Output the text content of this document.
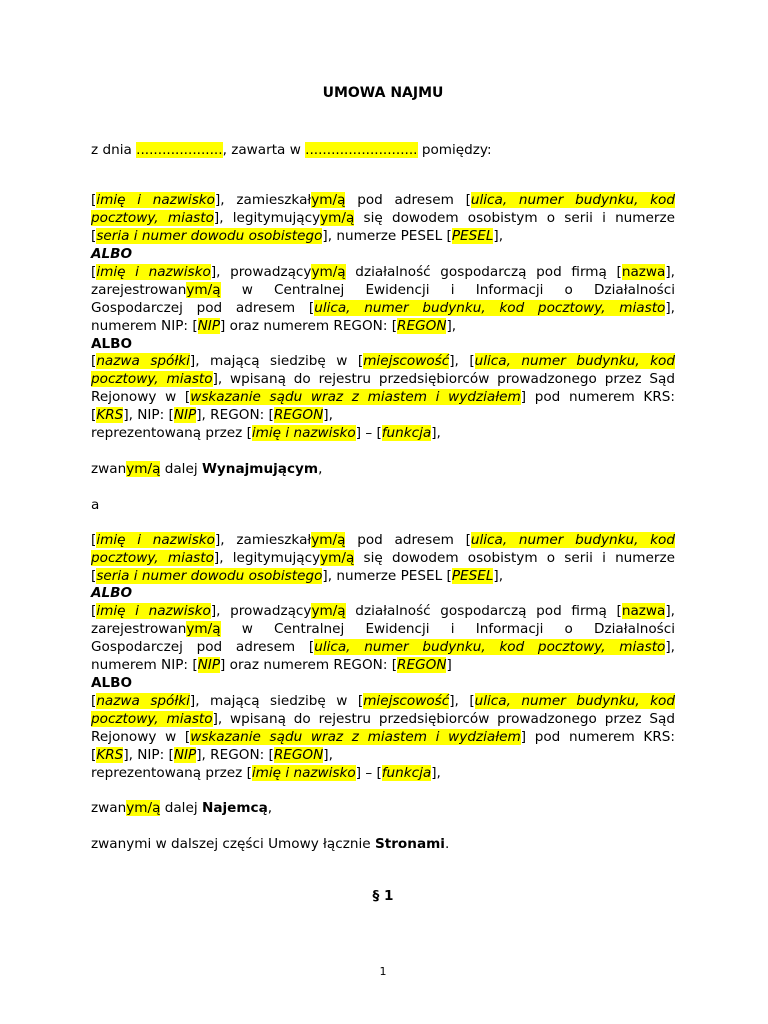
UMOWA NAJMU
z dnia ...................., zawarta w .......................... pomiędzy:
[imię i nazwisko], zamieszkałym/ą pod adresem [ulica, numer budynku, kod
pocztowy, miasto], legitymującyym/ą się dowodem osobistym o serii i numerze
[seria i numer dowodu osobistego], numerze PESEL [PESEL],
ALBO
[imię i nazwisko], prowadzącyym/ą działalność gospodarczą pod firmą [nazwa],
zarejestrowanym/ą w Centralnej Ewidencji i Informacji o Działalności
Gospodarczej pod adresem [ulica, numer budynku, kod pocztowy, miasto],
numerem NIP: [NIP] oraz numerem REGON: [REGON],
ALBO
[nazwa spółki], mającą siedzibę w [miejscowość], [ulica, numer budynku, kod
pocztowy, miasto], wpisaną do rejestru przedsiębiorców prowadzonego przez Sąd
Rejonowy w [wskazanie sądu wraz z miastem i wydziałem] pod numerem KRS:
[KRS], NIP: [NIP], REGON: [REGON],
reprezentowaną przez [imię i nazwisko] – [funkcja],
zwanym/ą dalej Wynajmującym,
a
[imię i nazwisko], zamieszkałym/ą pod adresem [ulica, numer budynku, kod
pocztowy, miasto], legitymującyym/ą się dowodem osobistym o serii i numerze
[seria i numer dowodu osobistego], numerze PESEL [PESEL],
ALBO
[imię i nazwisko], prowadzącyym/ą działalność gospodarczą pod firmą [nazwa],
zarejestrowanym/ą w Centralnej Ewidencji i Informacji o Działalności
Gospodarczej pod adresem [ulica, numer budynku, kod pocztowy, miasto],
numerem NIP: [NIP] oraz numerem REGON: [REGON]
ALBO
[nazwa spółki], mającą siedzibę w [miejscowość], [ulica, numer budynku, kod
pocztowy, miasto], wpisaną do rejestru przedsiębiorców prowadzonego przez Sąd
Rejonowy w [wskazanie sądu wraz z miastem i wydziałem] pod numerem KRS:
[KRS], NIP: [NIP], REGON: [REGON],
reprezentowaną przez [imię i nazwisko] – [funkcja],
zwanym/ą dalej Najemcą,
zwanymi w dalszej części Umowy łącznie Stronami.
§ 1
1
